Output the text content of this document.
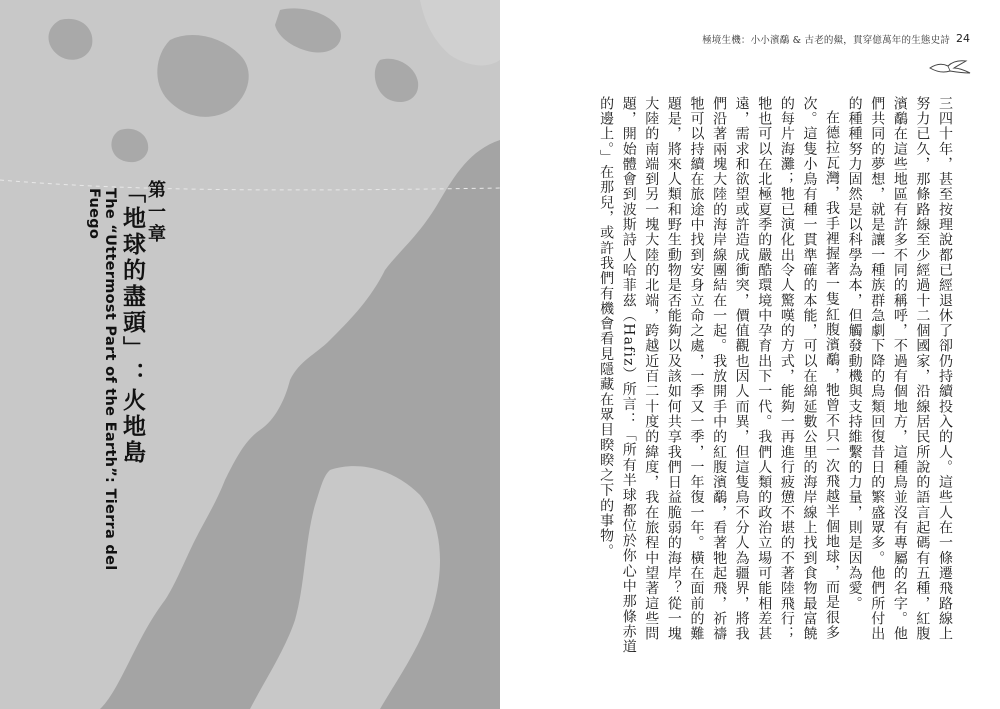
The “Uttermost Part of the Earth”: Tierra del Fuego	第一章
「地球的盡頭」：火地島
24
極境生機：小小濱鷸 & 古老的鱟，貫穿億萬年的生態史詩

三四十年，甚至按理說都已經退休了卻仍持續投入的人。這些人在一條遷飛路線上努力已久，那條路線至少經過十二個國家，沿線居民所說的語言起碼有五種，紅腹濱鷸在這些地區有許多不同的稱呼，不過有個地方，這種鳥並沒有專屬的名字。他們共同的夢想，就是讓一種族群急劇下降的鳥類回復昔日的繁盛眾多。他們所付出的種種努力固然是以科學為本，但觸發動機與支持維繫的力量，則是因為愛。

在德拉瓦灣，我手裡握著一隻紅腹濱鷸，牠曾不只一次飛越半個地球，而是很多次。這隻小鳥有種一貫準確的本能，可以在綿延數公里的海岸線上找到食物最富饒的每片海灘；牠已演化出令人驚嘆的方式，能夠一再進行疲憊不堪的不著陸飛行；牠也可以在北極夏季的嚴酷環境中孕育出下一代。我們人類的政治立場可能相差甚遠，需求和欲望或許造成衝突，價值觀也因人而異，但這隻鳥不分人為疆界，將我們沿著兩塊大陸的海岸線團結在一起。我放開手中的紅腹濱鷸，看著牠起飛，祈禱牠可以持續在旅途中找到安身立命之處，一季又一季，一年復一年。橫在面前的難題是，將來人類和野生動物是否能夠以及該如何共享我們日益脆弱的海岸？從一塊大陸的南端到另一塊大陸的北端，跨越近百二十度的緯度，我在旅程中望著這些問題，開始體會到波斯詩人哈菲茲（Hafiz）所言：「所有半球都位於你心中那條赤道的邊上。」在那兒，或許我們有機會看見隱藏在眾目睽睽之下的事物。
